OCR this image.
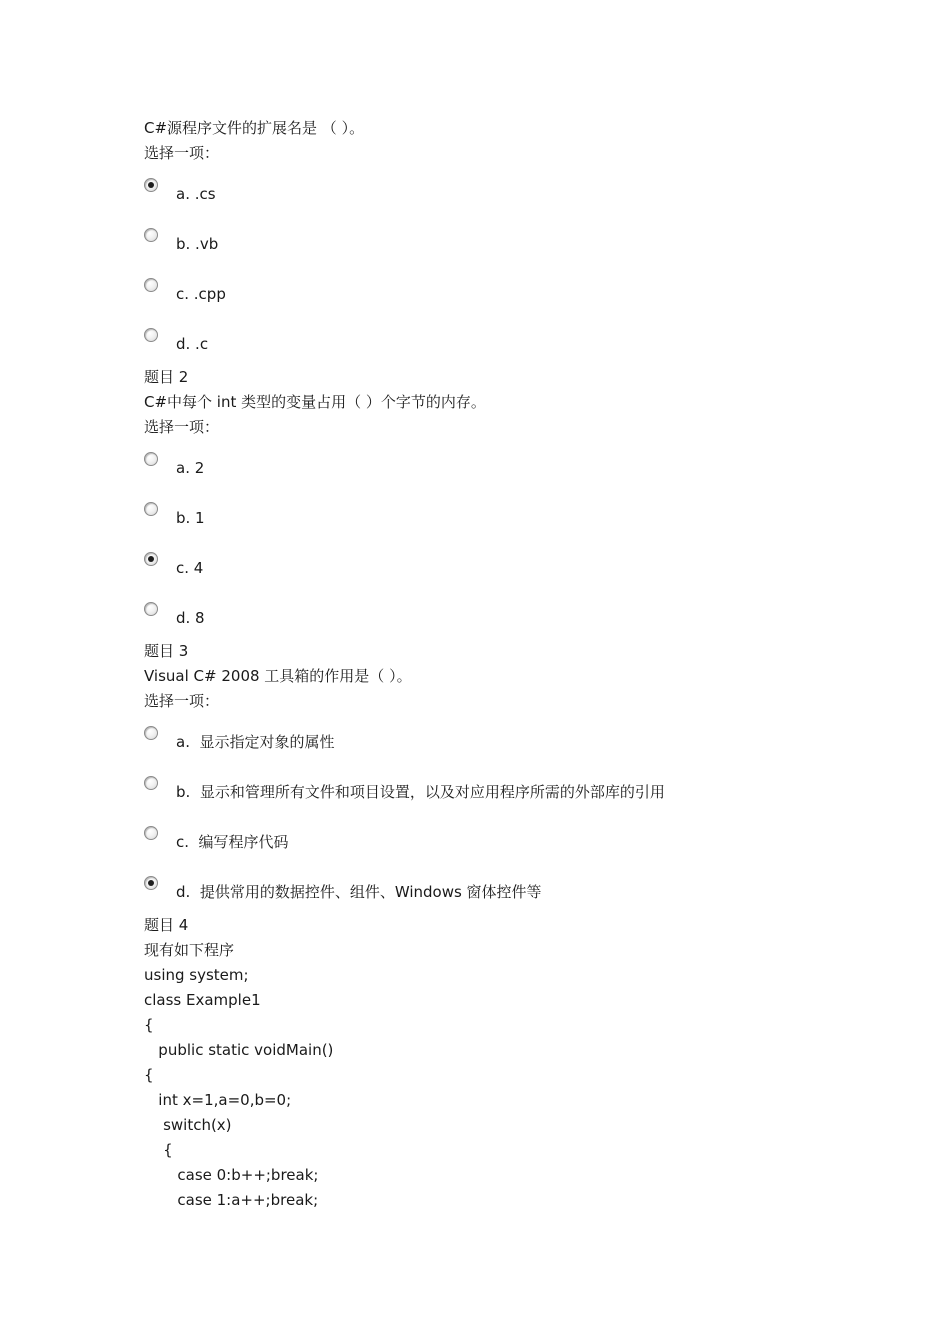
C#源程序文件的扩展名是 （ ）。
选择一项：
a. .cs
b. .vb
c. .cpp
d. .c
题目 2
C#中每个 int 类型的变量占用（ ）个字节的内存。
选择一项：
a. 2
b. 1
c. 4
d. 8
题目 3
Visual C# 2008 工具箱的作用是（ ）。
选择一项：
a.  显示指定对象的属性
b.  显示和管理所有文件和项目设置，以及对应用程序所需的外部库的引用
c.  编写程序代码
d.  提供常用的数据控件、组件、Windows 窗体控件等
题目 4
现有如下程序
using system;
class Example1
{
public static voidMain()
{
int x=1,a=0,b=0;
switch(x)
{
case 0:b++;break;
case 1:a++;break;
